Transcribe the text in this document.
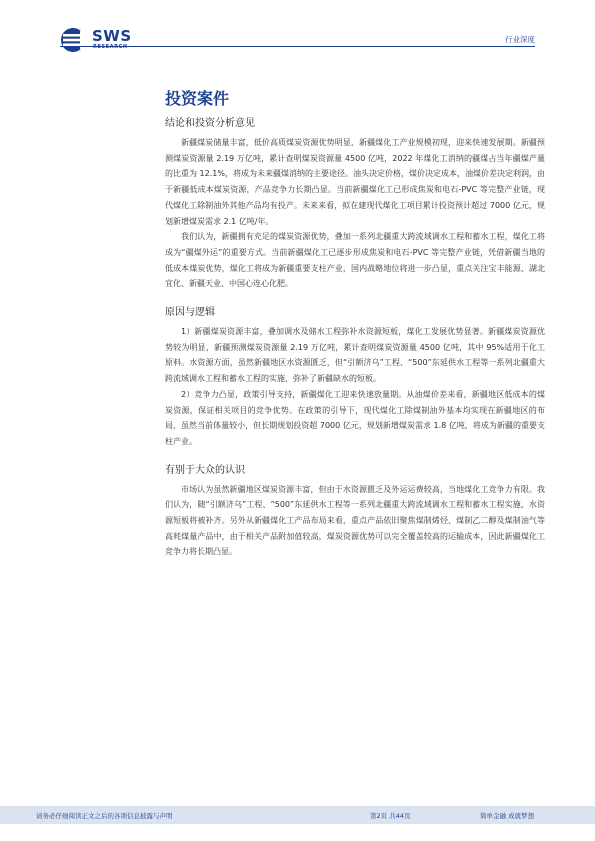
SWS
RESEARCH
行业深度
投资案件
结论和投资分析意见

新疆煤炭储量丰富，低价高质煤炭资源优势明显，新疆煤化工产业规模初现，迎来快速发展期。新疆预测煤炭资源量 2.19 万亿吨，累计查明煤炭资源量 4500 亿吨，2022 年煤化工消纳的疆煤占当年疆煤产量的比重为 12.1%，将成为未来疆煤消纳的主要途径。油头决定价格，煤价决定成本，油煤价差决定利润，由于新疆低成本煤炭资源，产品竞争力长期凸显。当前新疆煤化工已形成焦炭和电石-PVC 等完整产业链，现代煤化工除制油外其他产品均有投产。未来来看，拟在建现代煤化工项目累计投资预计超过 7000 亿元，规划新增煤炭需求 2.1 亿吨/年。

我们认为，新疆拥有充足的煤炭资源优势，叠加一系列北疆重大跨流域调水工程和蓄水工程，煤化工将成为“疆煤外运”的重要方式。当前新疆煤化工已逐步形成焦炭和电石-PVC 等完整产业链，凭借新疆当地的低成本煤炭优势，煤化工将成为新疆重要支柱产业，国内战略地位将进一步凸显，重点关注宝丰能源、湖北宜化、新疆天业、中国心连心化肥。

原因与逻辑

1）新疆煤炭资源丰富，叠加调水及储水工程弥补水资源短板，煤化工发展优势显著。新疆煤炭资源优势较为明显，新疆预测煤炭资源量 2.19 万亿吨，累计查明煤炭资源量 4500 亿吨，其中 95%适用于化工原料。水资源方面，虽然新疆地区水资源匮乏，但“引额济乌”工程、“500”东延供水工程等一系列北疆重大跨流域调水工程和蓄水工程的实施，弥补了新疆缺水的短板。

2）竞争力凸显，政策引导支持，新疆煤化工迎来快速放量期。从油煤价差来看，新疆地区低成本的煤炭资源，保证相关项目的竞争优势。在政策的引导下，现代煤化工除煤制油外基本均实现在新疆地区的布局，虽然当前体量较小，但长期规划投资超 7000 亿元，规划新增煤炭需求 1.8 亿吨，将成为新疆的重要支柱产业。

有别于大众的认识

市场认为虽然新疆地区煤炭资源丰富，但由于水资源匮乏及外运运费较高，当地煤化工竞争力有限。我们认为，随“引额济乌”工程、“500”东延供水工程等一系列北疆重大跨流域调水工程和蓄水工程实施，水资源短板将被补齐。另外从新疆煤化工产品布局来看，重点产品依旧聚焦煤制烯烃、煤制乙二醇及煤制油气等高耗煤量产品中，由于相关产品附加值较高，煤炭资源优势可以完全覆盖较高的运输成本，因此新疆煤化工竞争力将长期凸显。

请务必仔细阅读正文之后的各项信息披露与声明	第2页 共44页	简单金融 成就梦想
